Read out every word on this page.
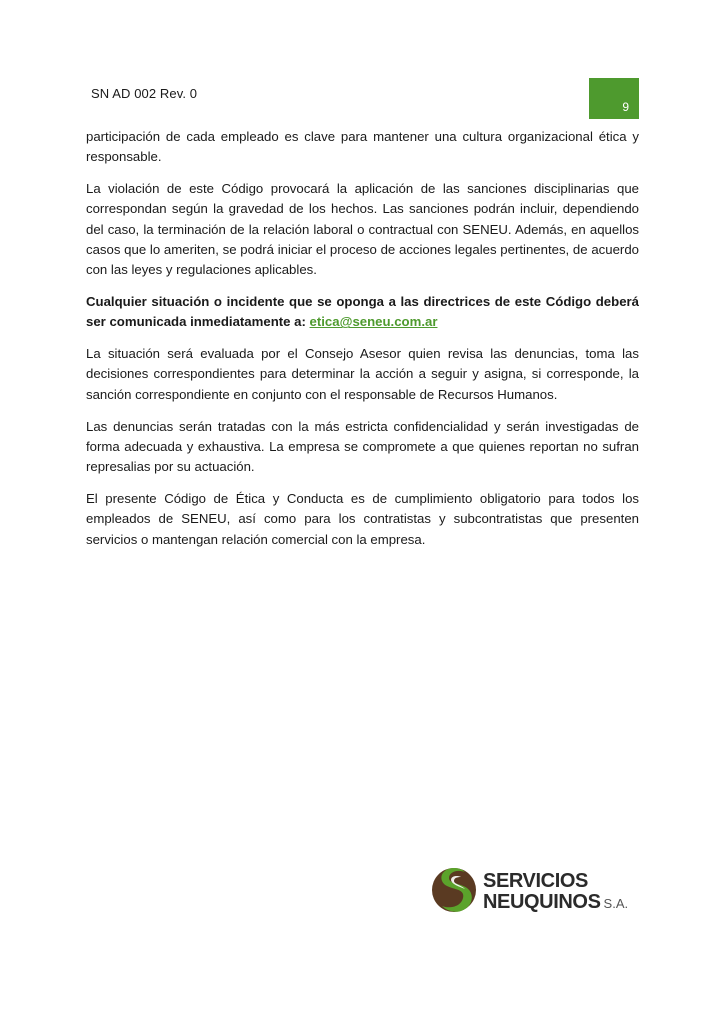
SN AD 002 Rev. 0
9

participación de cada empleado es clave para mantener una cultura organizacional ética y responsable.

La violación de este Código provocará la aplicación de las sanciones disciplinarias que correspondan según la gravedad de los hechos. Las sanciones podrán incluir, dependiendo del caso, la terminación de la relación laboral o contractual con SENEU. Además, en aquellos casos que lo ameriten, se podrá iniciar el proceso de acciones legales pertinentes, de acuerdo con las leyes y regulaciones aplicables.

Cualquier situación o incidente que se oponga a las directrices de este Código deberá ser comunicada inmediatamente a: etica@seneu.com.ar

La situación será evaluada por el Consejo Asesor quien revisa las denuncias, toma las decisiones correspondientes para determinar la acción a seguir y asigna, si corresponde, la sanción correspondiente en conjunto con el responsable de Recursos Humanos.

Las denuncias serán tratadas con la más estricta confidencialidad y serán investigadas de forma adecuada y exhaustiva. La empresa se compromete a que quienes reportan no sufran represalias por su actuación.

El presente Código de Ética y Conducta es de cumplimiento obligatorio para todos los empleados de SENEU, así como para los contratistas y subcontratistas que presenten servicios o mantengan relación comercial con la empresa.

SERVICIOS
NEUQUINOS S.A.
